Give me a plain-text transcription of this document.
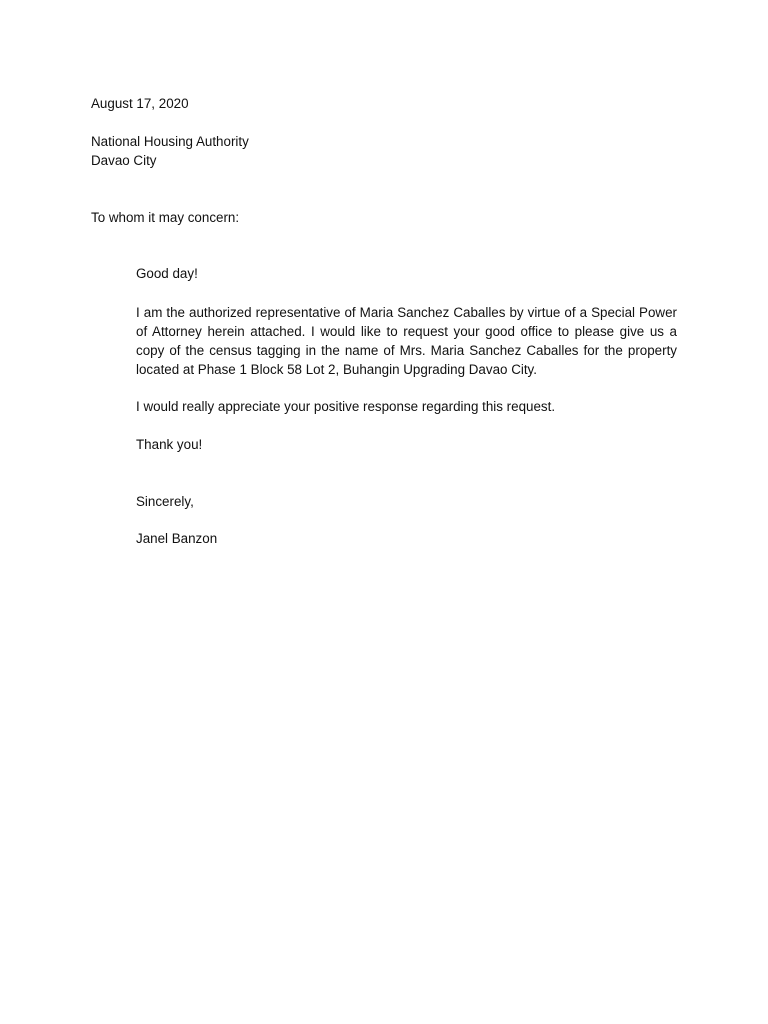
August 17, 2020
National Housing Authority
Davao City
To whom it may concern:
Good day!
I am the authorized representative of Maria Sanchez Caballes by virtue of a Special Power of Attorney herein attached. I would like to request your good office to please give us a copy of the census tagging in the name of Mrs. Maria Sanchez Caballes for the property located at Phase 1 Block 58 Lot 2, Buhangin Upgrading Davao City.
I would really appreciate your positive response regarding this request.
Thank you!
Sincerely,
Janel Banzon
